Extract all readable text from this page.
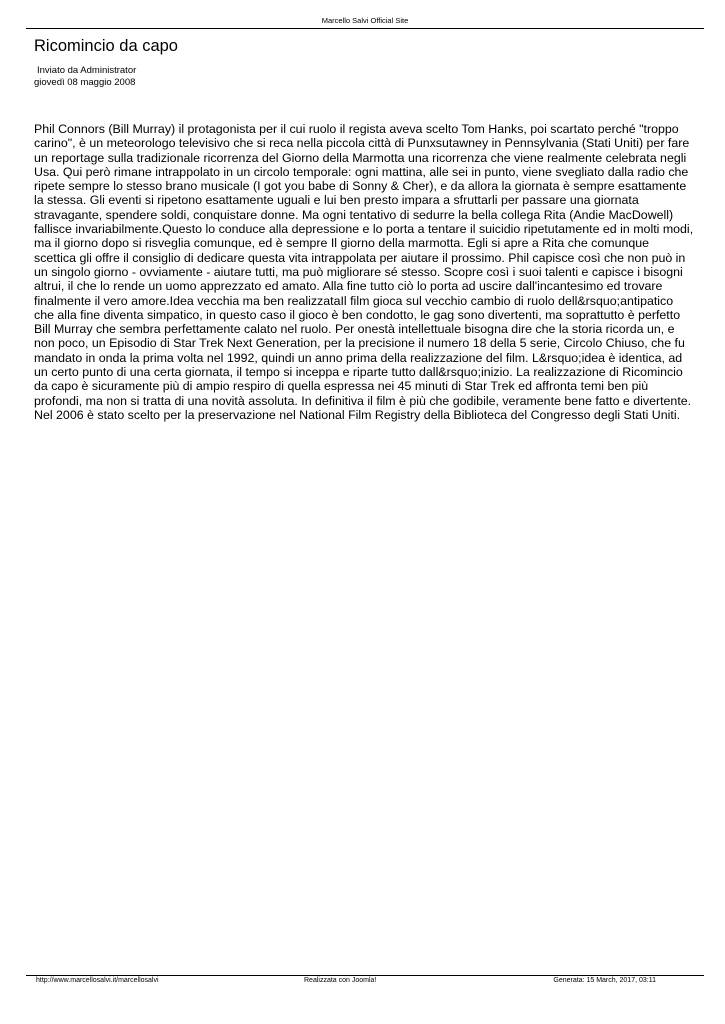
Marcello Salvi Official Site
Ricomincio da capo
Inviato da Administrator
giovedì 08 maggio 2008

Phil Connors (Bill Murray) il protagonista per il cui ruolo il regista aveva scelto Tom Hanks, poi scartato perché "troppo carino", è un meteorologo televisivo che si reca nella piccola città di Punxsutawney in Pennsylvania (Stati Uniti) per fare un reportage sulla tradizionale ricorrenza del Giorno della Marmotta una ricorrenza che viene realmente celebrata negli Usa. Qui però rimane intrappolato in un circolo temporale: ogni mattina, alle sei in punto, viene svegliato dalla radio che ripete sempre lo stesso brano musicale (I got you babe di Sonny & Cher), e da allora la giornata è sempre esattamente la stessa. Gli eventi si ripetono esattamente uguali e lui ben presto impara a sfruttarli per passare una giornata stravagante, spendere soldi, conquistare donne. Ma ogni tentativo di sedurre la bella collega Rita (Andie MacDowell) fallisce invariabilmente.Questo lo conduce alla depressione e lo porta a tentare il suicidio ripetutamente ed in molti modi, ma il giorno dopo si risveglia comunque, ed è sempre Il giorno della marmotta. Egli si apre a Rita che comunque scettica gli offre il consiglio di dedicare questa vita intrappolata per aiutare il prossimo. Phil capisce così che non può in un singolo giorno - ovviamente - aiutare tutti, ma può migliorare sé stesso. Scopre così i suoi talenti e capisce i bisogni altrui, il che lo rende un uomo apprezzato ed amato. Alla fine tutto ciò lo porta ad uscire dall'incantesimo ed trovare finalmente il vero amore.Idea vecchia ma ben realizzataIl film gioca sul vecchio cambio di ruolo dell&rsquo;antipatico che alla fine diventa simpatico, in questo caso il gioco è ben condotto, le gag sono divertenti, ma soprattutto è perfetto Bill Murray che sembra perfettamente calato nel ruolo. Per onestà intellettuale bisogna dire che la storia ricorda un, e non poco, un Episodio di Star Trek Next Generation, per la precisione il numero 18 della 5 serie, Circolo Chiuso, che fu mandato in onda la prima volta nel 1992, quindi un anno prima della realizzazione del film. L&rsquo;idea è identica, ad un certo punto di una certa giornata, il tempo si inceppa e riparte tutto dall&rsquo;inizio. La realizzazione di Ricomincio da capo è sicuramente più di ampio respiro di quella espressa nei 45 minuti di Star Trek ed affronta temi ben più profondi, ma non si tratta di una novità assoluta. In definitiva il film è più che godibile, veramente bene fatto e divertente. Nel 2006 è stato scelto per la preservazione nel National Film Registry della Biblioteca del Congresso degli Stati Uniti.

http://www.marcellosalvi.it/marcellosalvi	Realizzata con Joomla!	Generata: 15 March, 2017, 03:11
